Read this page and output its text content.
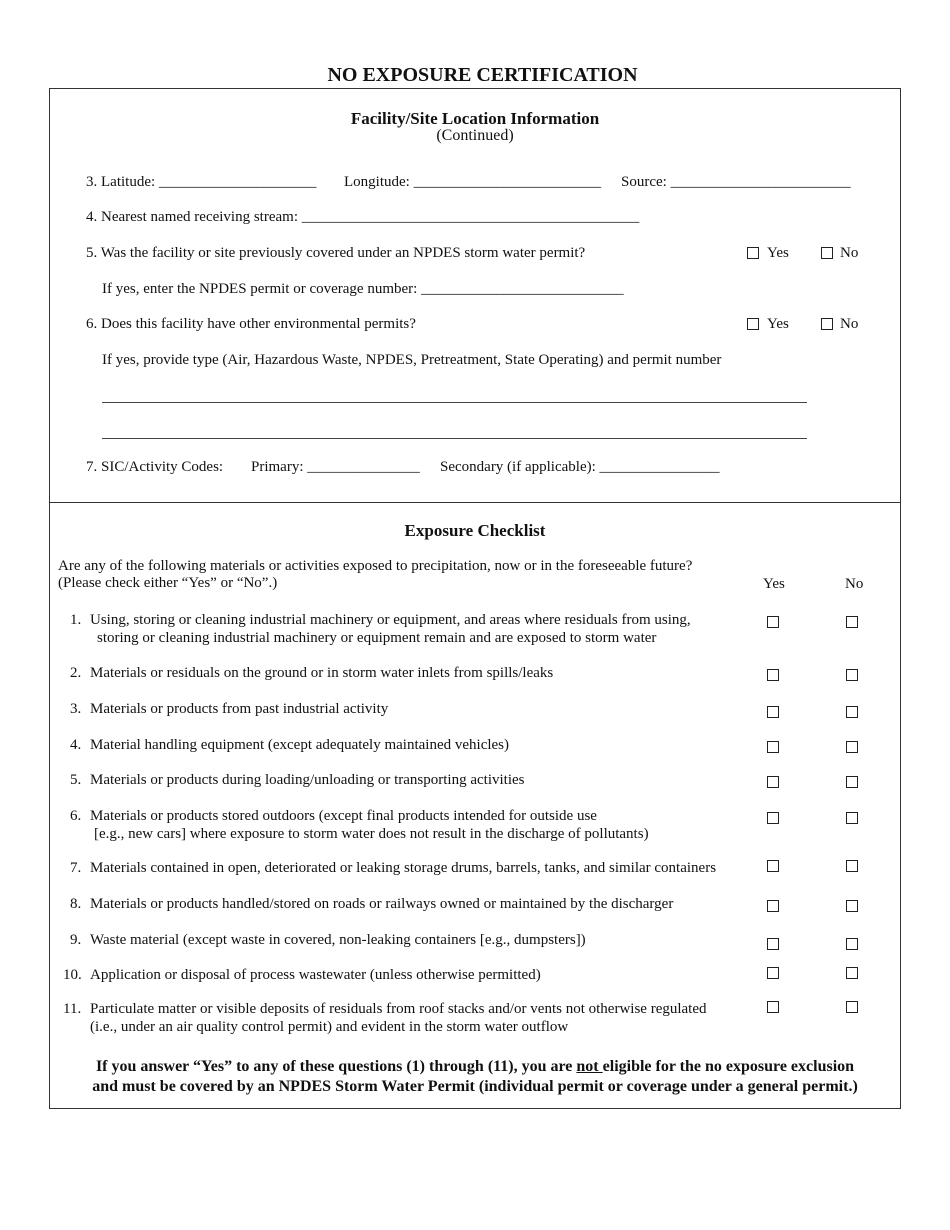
NO EXPOSURE CERTIFICATION
Facility/Site Location Information
(Continued)
3. Latitude: _____________________ Longitude: _________________________ Source: ________________________
4. Nearest named receiving stream: _____________________________________________
5. Was the facility or site previously covered under an NPDES storm water permit?	Yes	No
If yes, enter the NPDES permit or coverage number: ___________________________
6. Does this facility have other environmental permits?	Yes	No
If yes, provide type (Air, Hazardous Waste, NPDES, Pretreatment, State Operating) and permit number
7. SIC/Activity Codes: Primary: _______________ Secondary (if applicable): ________________
Exposure Checklist
Are any of the following materials or activities exposed to precipitation, now or in the foreseeable future?
(Please check either “Yes” or “No”.)	Yes	No
1. Using, storing or cleaning industrial machinery or equipment, and areas where residuals from using,
storing or cleaning industrial machinery or equipment remain and are exposed to storm water
2. Materials or residuals on the ground or in storm water inlets from spills/leaks
3. Materials or products from past industrial activity
4. Material handling equipment (except adequately maintained vehicles)
5. Materials or products during loading/unloading or transporting activities
6. Materials or products stored outdoors (except final products intended for outside use
[e.g., new cars] where exposure to storm water does not result in the discharge of pollutants)
7. Materials contained in open, deteriorated or leaking storage drums, barrels, tanks, and similar containers
8. Materials or products handled/stored on roads or railways owned or maintained by the discharger
9. Waste material (except waste in covered, non-leaking containers [e.g., dumpsters])
10. Application or disposal of process wastewater (unless otherwise permitted)
11. Particulate matter or visible deposits of residuals from roof stacks and/or vents not otherwise regulated
(i.e., under an air quality control permit) and evident in the storm water outflow
If you answer “Yes” to any of these questions (1) through (11), you are not eligible for the no exposure exclusion
and must be covered by an NPDES Storm Water Permit (individual permit or coverage under a general permit.)
